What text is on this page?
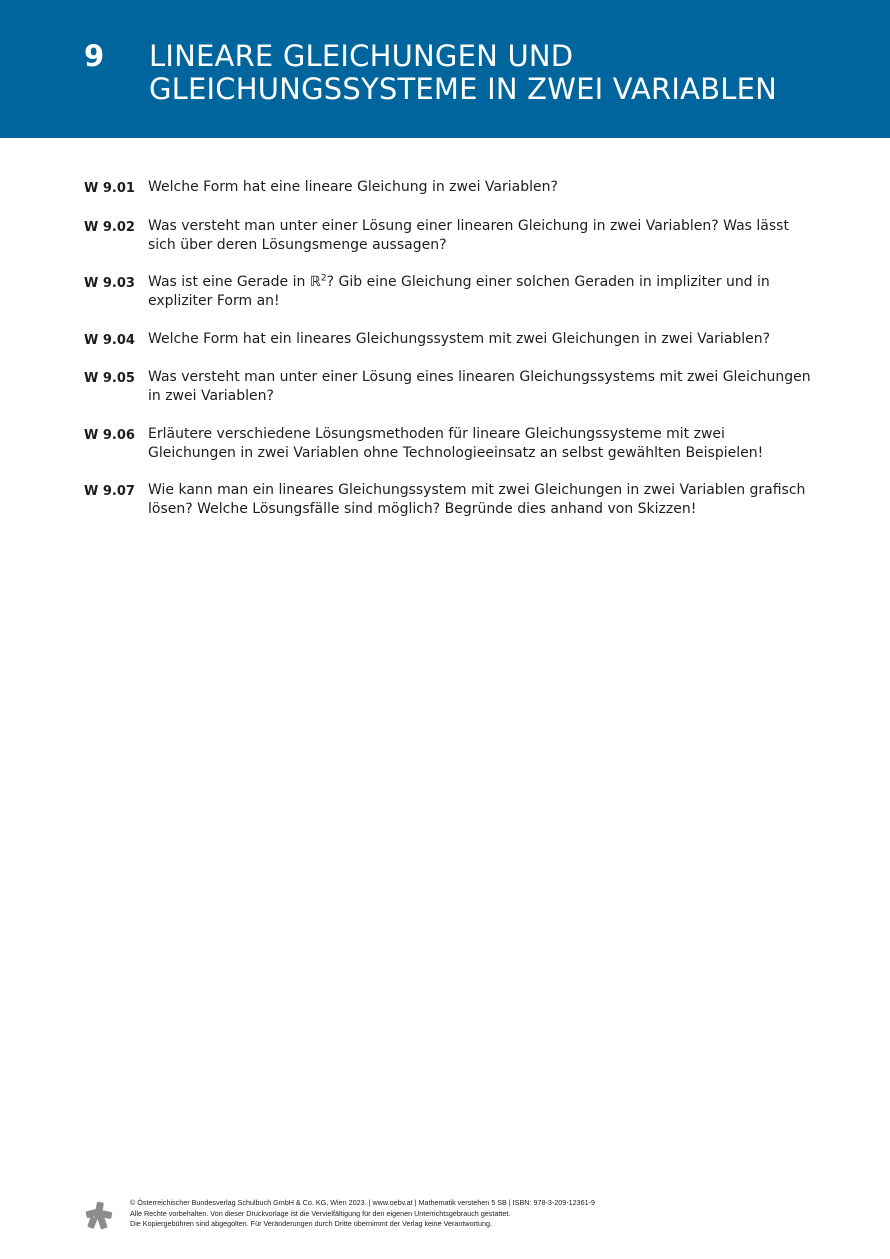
9 LINEARE GLEICHUNGEN UND
GLEICHUNGSSYSTEME IN ZWEI VARIABLEN
W 9.01 Welche Form hat eine lineare Gleichung in zwei Variablen?
W 9.02 Was versteht man unter einer Lösung einer linearen Gleichung in zwei Variablen? Was lässt sich über deren Lösungsmenge aussagen?
W 9.03 Was ist eine Gerade in ℝ$^2$? Gib eine Gleichung einer solchen Geraden in impliziter und in expliziter Form an!
W 9.04 Welche Form hat ein lineares Gleichungssystem mit zwei Gleichungen in zwei Variablen?
W 9.05 Was versteht man unter einer Lösung eines linearen Gleichungssystems mit zwei Gleichungen in zwei Variablen?
W 9.06 Erläutere verschiedene Lösungsmethoden für lineare Gleichungssysteme mit zwei Gleichungen in zwei Variablen ohne Technologieeinsatz an selbst gewählten Beispielen!
W 9.07 Wie kann man ein lineares Gleichungssystem mit zwei Gleichungen in zwei Variablen grafisch lösen? Welche Lösungsfälle sind möglich? Begründe dies anhand von Skizzen!
© Österreichischer Bundesverlag Schulbuch GmbH & Co. KG, Wien 2023. | www.oebv.at | Mathematik verstehen 5 SB | ISBN: 978-3-209-12361-9
Alle Rechte vorbehalten. Von dieser Druckvorlage ist die Vervielfältigung für den eigenen Unterrichtsgebrauch gestattet.
Die Kopiergebühren sind abgegolten. Für Veränderungen durch Dritte übernimmt der Verlag keine Verantwortung.
